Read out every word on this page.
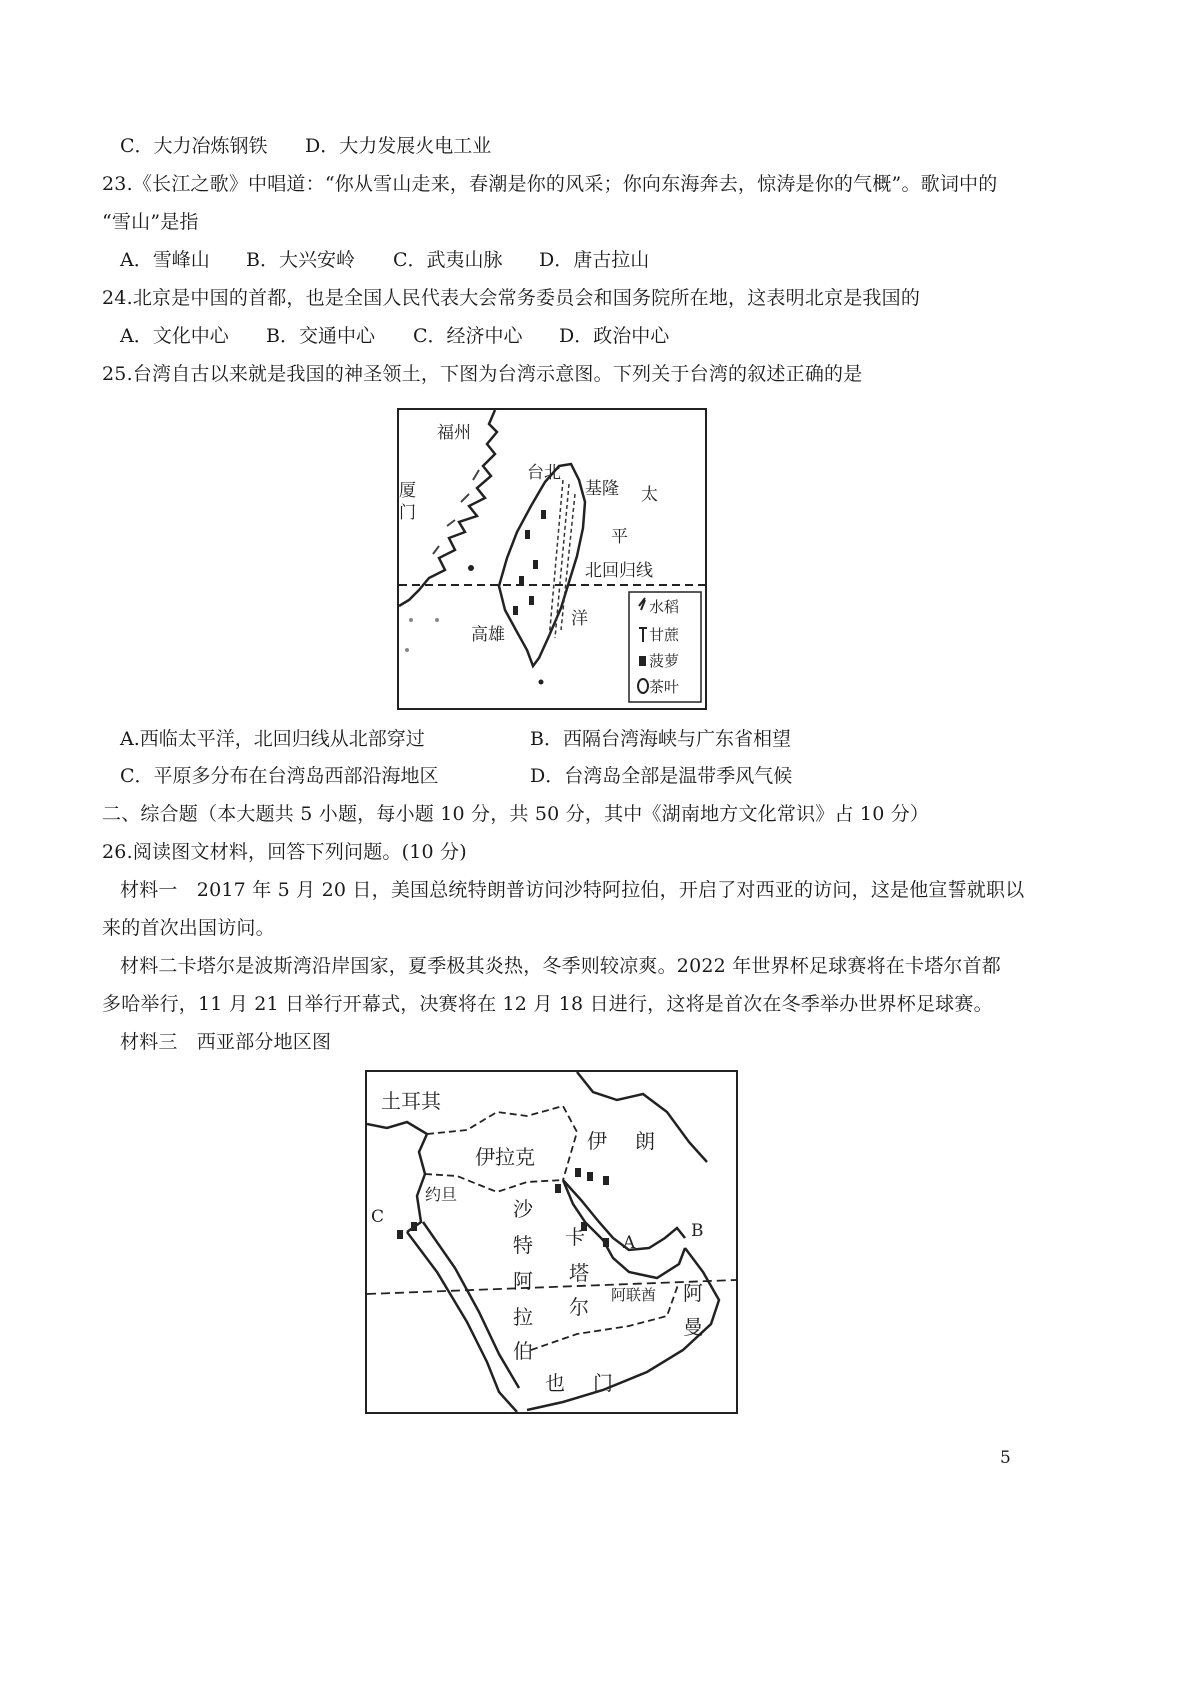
C．大力冶炼钢铁 D．大力发展火电工业
23.《长江之歌》中唱道：“你从雪山走来，春潮是你的风采；你向东海奔去，惊涛是你的气概”。歌词中的
“雪山”是指
A．雪峰山 B．大兴安岭 C．武夷山脉 D．唐古拉山
24.北京是中国的首都，也是全国人民代表大会常务委员会和国务院所在地，这表明北京是我国的
A．文化中心 B．交通中心 C．经济中心 D．政治中心
25.台湾自古以来就是我国的神圣领土，下图为台湾示意图。下列关于台湾的叙述正确的是
福州
厦
门
台北
基隆 太
平
北回归线
洋
高雄
水稻
甘蔗
菠萝
茶叶
A.西临太平洋，北回归线从北部穿过	B．西隔台湾海峡与广东省相望
C．平原多分布在台湾岛西部沿海地区	D．台湾岛全部是温带季风气候
二、综合题（本大题共 5 小题，每小题 10 分，共 50 分，其中《湖南地方文化常识》占 10 分）
26.阅读图文材料，回答下列问题。(10 分)
材料一　2017 年 5 月 20 日，美国总统特朗普访问沙特阿拉伯，开启了对西亚的访问，这是他宣誓就职以
来的首次出国访问。
材料二卡塔尔是波斯湾沿岸国家，夏季极其炎热，冬季则较凉爽。2022 年世界杯足球赛将在卡塔尔首都
多哈举行，11 月 21 日举行开幕式，决赛将在 12 月 18 日进行，这将是首次在冬季举办世界杯足球赛。
材料三　西亚部分地区图
土耳其
伊拉克
伊 朗
约旦
沙
特
阿
拉
伯
卡
塔
尔 阿联酋 阿
曼
也 门
A
B
C
5
